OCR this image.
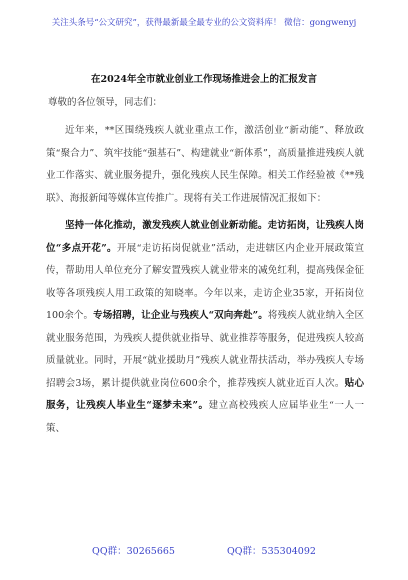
关注头条号“公文研究”，获得最新最全最专业的公文资料库！ 微信：gongwenyj
在2024年全市就业创业工作现场推进会上的汇报发言
尊敬的各位领导，同志们：

近年来，**区围绕残疾人就业重点工作，激活创业“新动能”、释放政策“聚合力”、筑牢技能“强基石”、构建就业“新体系”，高质量推进残疾人就业工作落实、就业服务提升，强化残疾人民生保障。相关工作经验被《**残联》、海报新闻等媒体宣传推广。现将有关工作进展情况汇报如下：

坚持一体化推动，激发残疾人就业创业新动能。走访拓岗，让残疾人岗位“多点开花”。开展“走访拓岗促就业”活动，走进辖区内企业开展政策宣传，帮助用人单位充分了解安置残疾人就业带来的减免红利，提高残保金征收等各项残疾人用工政策的知晓率。今年以来，走访企业35家，开拓岗位100余个。专场招聘，让企业与残疾人“双向奔赴”。将残疾人就业纳入全区就业服务范围，为残疾人提供就业指导、就业推荐等服务，促进残疾人较高质量就业。同时，开展“就业援助月”残疾人就业帮扶活动，举办残疾人专场招聘会3场，累计提供就业岗位600余个，推荐残疾人就业近百人次。贴心服务，让残疾人毕业生“逐梦未来”。建立高校残疾人应届毕业生“一人一策、

QQ群：30265665	QQ群：535304092
